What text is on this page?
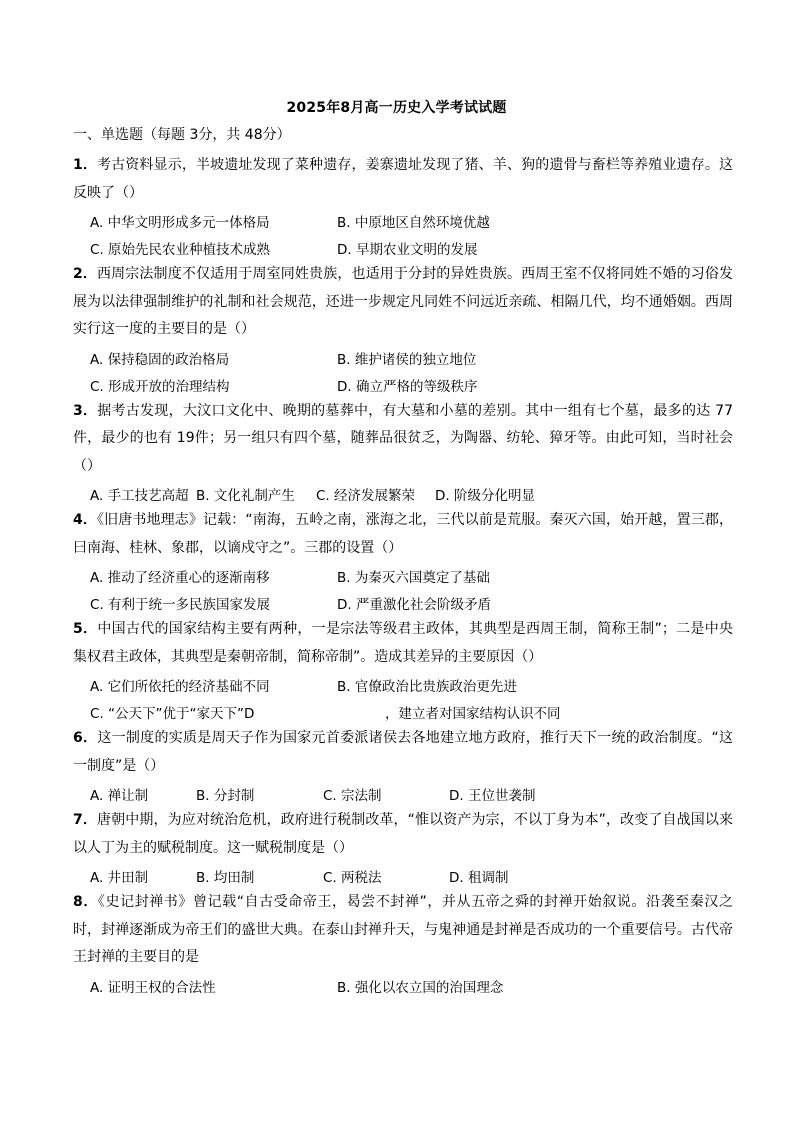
2025年8月高一历史入学考试试题
一、单选题（每题 3分，共 48分）
1．考古资料显示，半坡遗址发现了菜种遗存，姜寨遗址发现了猪、羊、狗的遗骨与畜栏等养殖业遗存。这反映了（）
A. 中华文明形成多元一体格局	B. 中原地区自然环境优越
C. 原始先民农业种植技术成熟	D. 早期农业文明的发展
2．西周宗法制度不仅适用于周室同姓贵族，也适用于分封的异姓贵族。西周王室不仅将同姓不婚的习俗发展为以法律强制维护的礼制和社会规范，还进一步规定凡同姓不问远近亲疏、相隔几代，均不通婚姻。西周实行这一度的主要目的是（）
A. 保持稳固的政治格局	B. 维护诸侯的独立地位
C. 形成开放的治理结构	D. 确立严格的等级秩序
3．据考古发现，大汶口文化中、晚期的墓葬中，有大墓和小墓的差别。其中一组有七个墓，最多的达 77件，最少的也有 19件；另一组只有四个墓，随葬品很贫乏，为陶器、纺轮、獐牙等。由此可知，当时社会（）
A. 手工技艺高超 B. 文化礼制产生 C. 经济发展繁荣 D. 阶级分化明显
4．《旧唐书地理志》记载：“南海，五岭之南，涨海之北，三代以前是荒服。秦灭六国，始开越，置三郡，曰南海、桂林、象郡，以谪戍守之”。三郡的设置（）
A. 推动了经济重心的逐渐南移	B. 为秦灭六国奠定了基础
C. 有利于统一多民族国家发展	D. 严重激化社会阶级矛盾
5．中国古代的国家结构主要有两种，一是宗法等级君主政体，其典型是西周王制，简称王制”；二是中央集权君主政体，其典型是秦朝帝制，简称帝制”。造成其差异的主要原因（）
A. 它们所依托的经济基础不同	B. 官僚政治比贵族政治更先进
C. “公天下”优于“家天下”D	，建立者对国家结构认识不同
6．这一制度的实质是周天子作为国家元首委派诸侯去各地建立地方政府，推行天下一统的政治制度。“这一制度”是（）
A. 禅让制	B. 分封制	C. 宗法制	D. 王位世袭制
7．唐朝中期，为应对统治危机，政府进行税制改革，“惟以资产为宗，不以丁身为本”，改变了自战国以来以人丁为主的赋税制度。这一赋税制度是（）
A. 井田制	B. 均田制	C. 两税法	D. 租调制
8．《史记封禅书》曾记载“自古受命帝王，曷尝不封禅”，并从五帝之舜的封禅开始叙说。沿袭至秦汉之时，封禅逐渐成为帝王们的盛世大典。在泰山封禅升天，与鬼神通是封禅是否成功的一个重要信号。古代帝王封禅的主要目的是
A. 证明王权的合法性	B. 强化以农立国的治国理念
